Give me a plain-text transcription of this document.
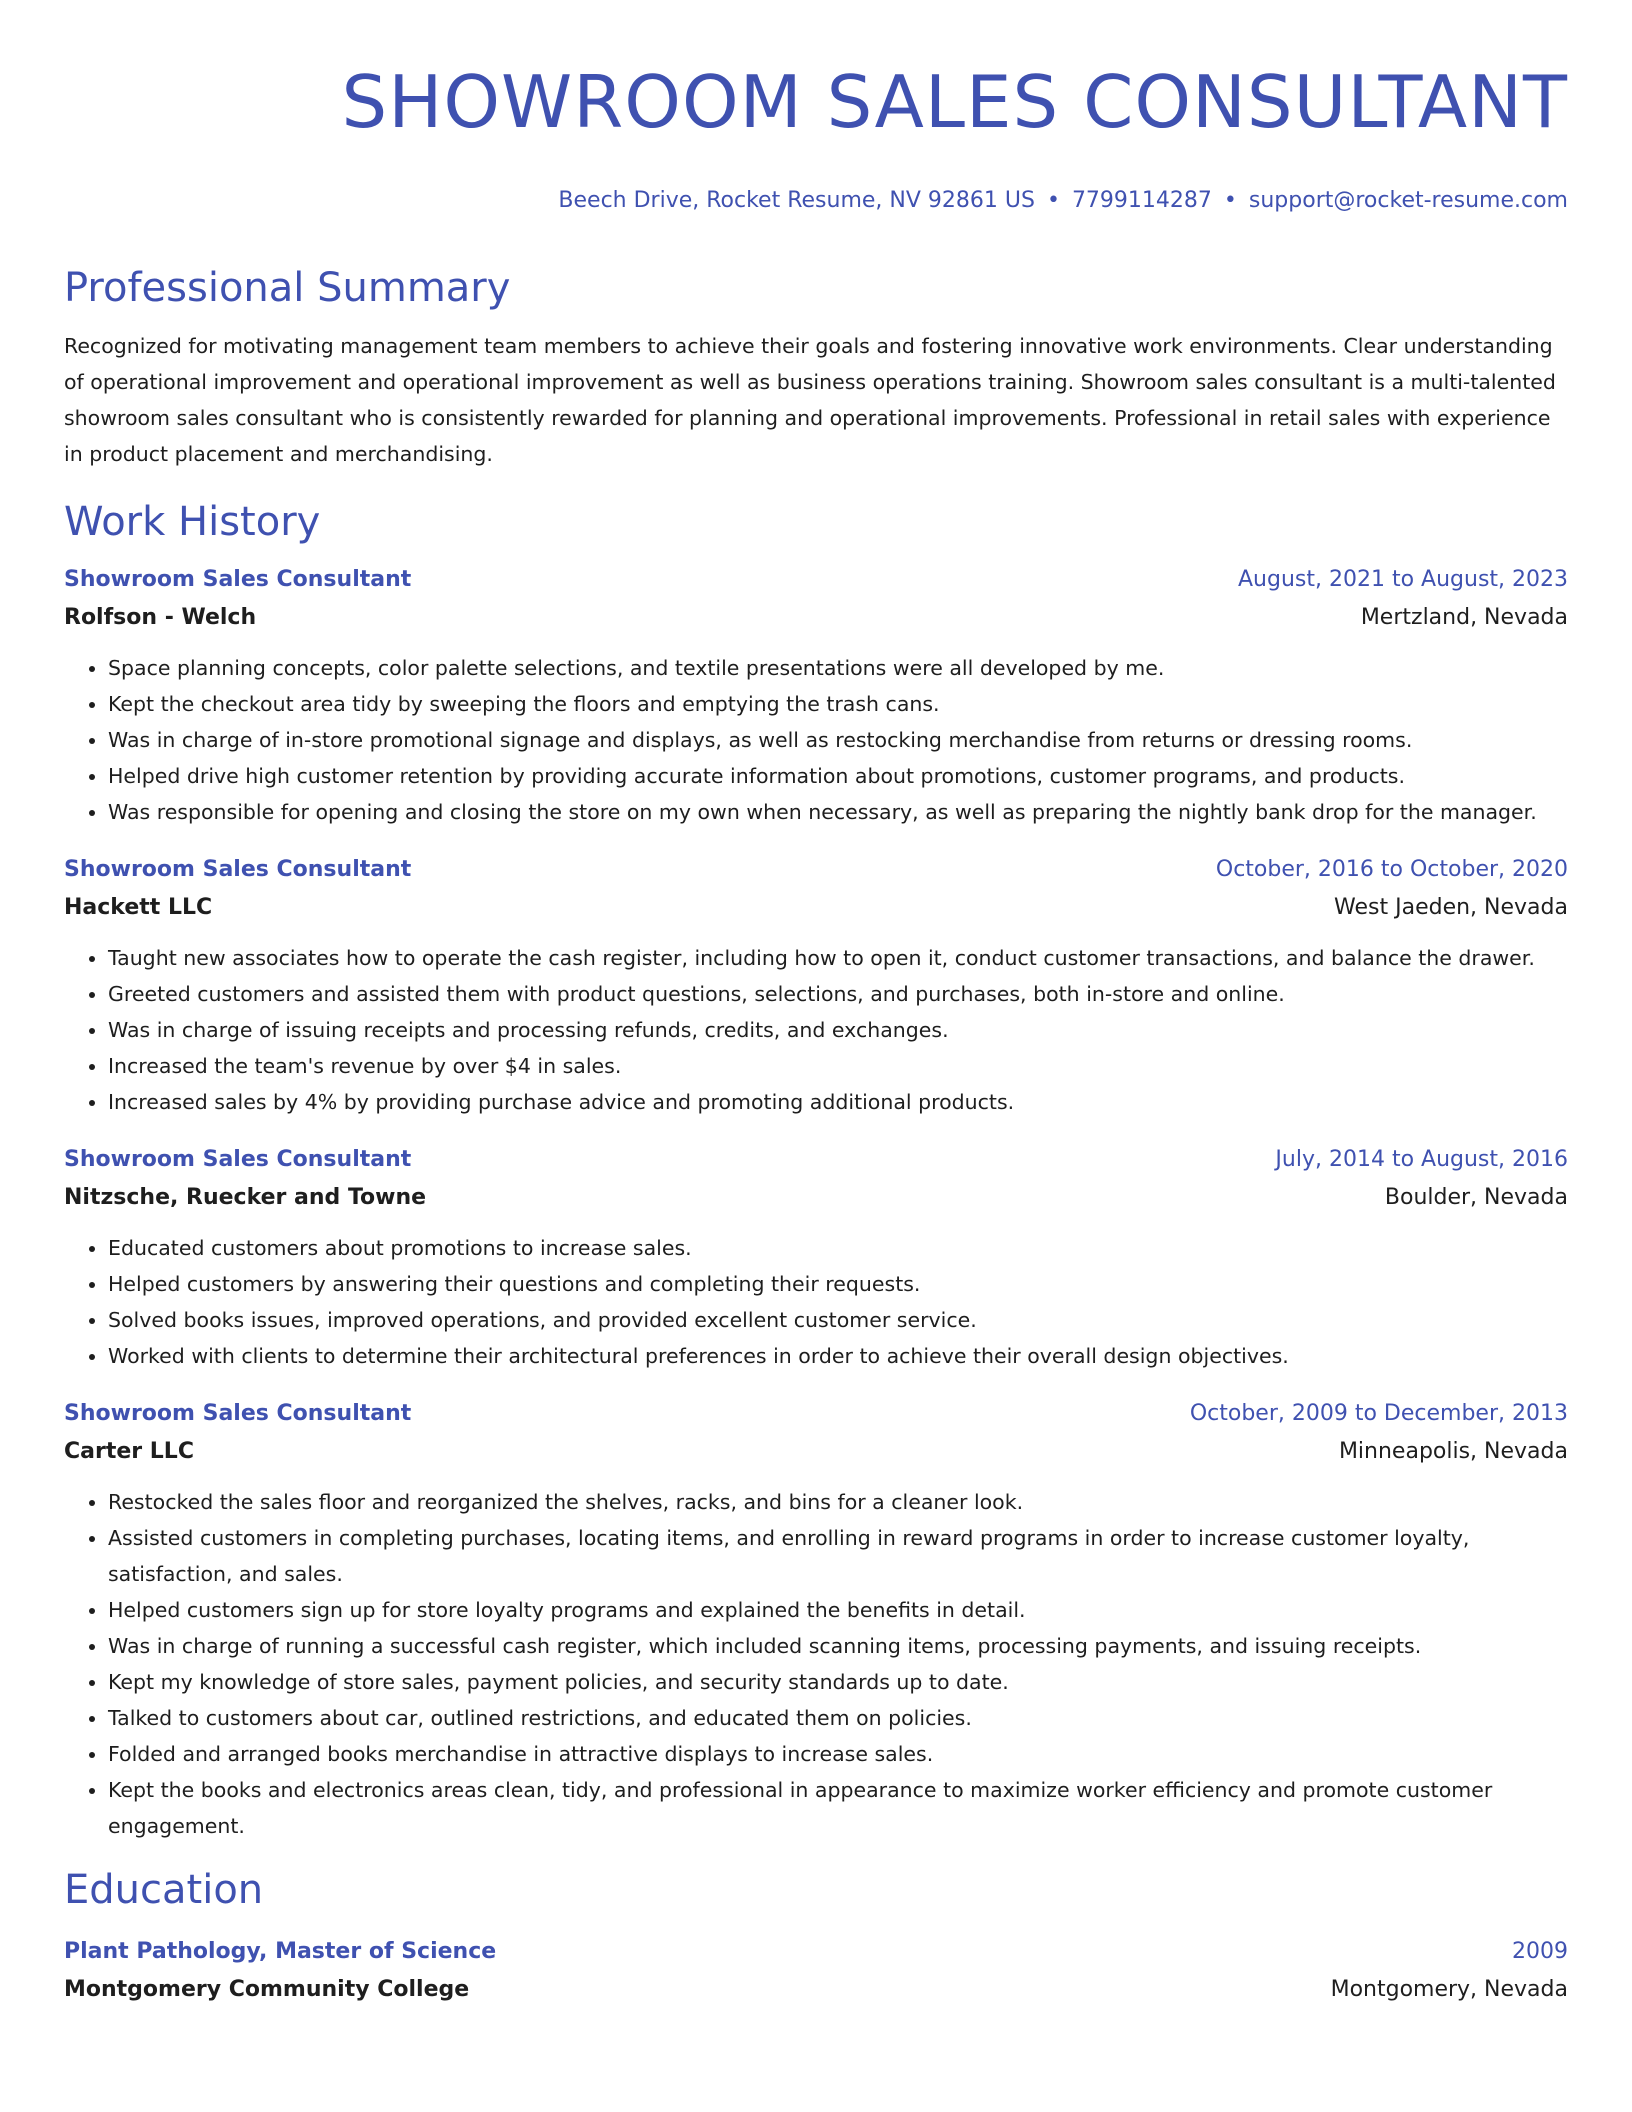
SHOWROOM SALES CONSULTANT
Beech Drive, Rocket Resume, NV 92861 US • 7799114287 • support@rocket-resume.com
Professional Summary
Recognized for motivating management team members to achieve their goals and fostering innovative work environments. Clear understanding of operational improvement and operational improvement as well as business operations training. Showroom sales consultant is a multi-talented showroom sales consultant who is consistently rewarded for planning and operational improvements. Professional in retail sales with experience in product placement and merchandising.
Work History
Showroom Sales Consultant	August, 2021 to August, 2023
Rolfson - Welch	Mertzland, Nevada
• Space planning concepts, color palette selections, and textile presentations were all developed by me.
• Kept the checkout area tidy by sweeping the floors and emptying the trash cans.
• Was in charge of in-store promotional signage and displays, as well as restocking merchandise from returns or dressing rooms.
• Helped drive high customer retention by providing accurate information about promotions, customer programs, and products.
• Was responsible for opening and closing the store on my own when necessary, as well as preparing the nightly bank drop for the manager.
Showroom Sales Consultant	October, 2016 to October, 2020
Hackett LLC	West Jaeden, Nevada
• Taught new associates how to operate the cash register, including how to open it, conduct customer transactions, and balance the drawer.
• Greeted customers and assisted them with product questions, selections, and purchases, both in-store and online.
• Was in charge of issuing receipts and processing refunds, credits, and exchanges.
• Increased the team's revenue by over $4 in sales.
• Increased sales by 4% by providing purchase advice and promoting additional products.
Showroom Sales Consultant	July, 2014 to August, 2016
Nitzsche, Ruecker and Towne	Boulder, Nevada
• Educated customers about promotions to increase sales.
• Helped customers by answering their questions and completing their requests.
• Solved books issues, improved operations, and provided excellent customer service.
• Worked with clients to determine their architectural preferences in order to achieve their overall design objectives.
Showroom Sales Consultant	October, 2009 to December, 2013
Carter LLC	Minneapolis, Nevada
• Restocked the sales floor and reorganized the shelves, racks, and bins for a cleaner look.
• Assisted customers in completing purchases, locating items, and enrolling in reward programs in order to increase customer loyalty, satisfaction, and sales.
• Helped customers sign up for store loyalty programs and explained the benefits in detail.
• Was in charge of running a successful cash register, which included scanning items, processing payments, and issuing receipts.
• Kept my knowledge of store sales, payment policies, and security standards up to date.
• Talked to customers about car, outlined restrictions, and educated them on policies.
• Folded and arranged books merchandise in attractive displays to increase sales.
• Kept the books and electronics areas clean, tidy, and professional in appearance to maximize worker efficiency and promote customer engagement.
Education
Plant Pathology, Master of Science	2009
Montgomery Community College	Montgomery, Nevada
